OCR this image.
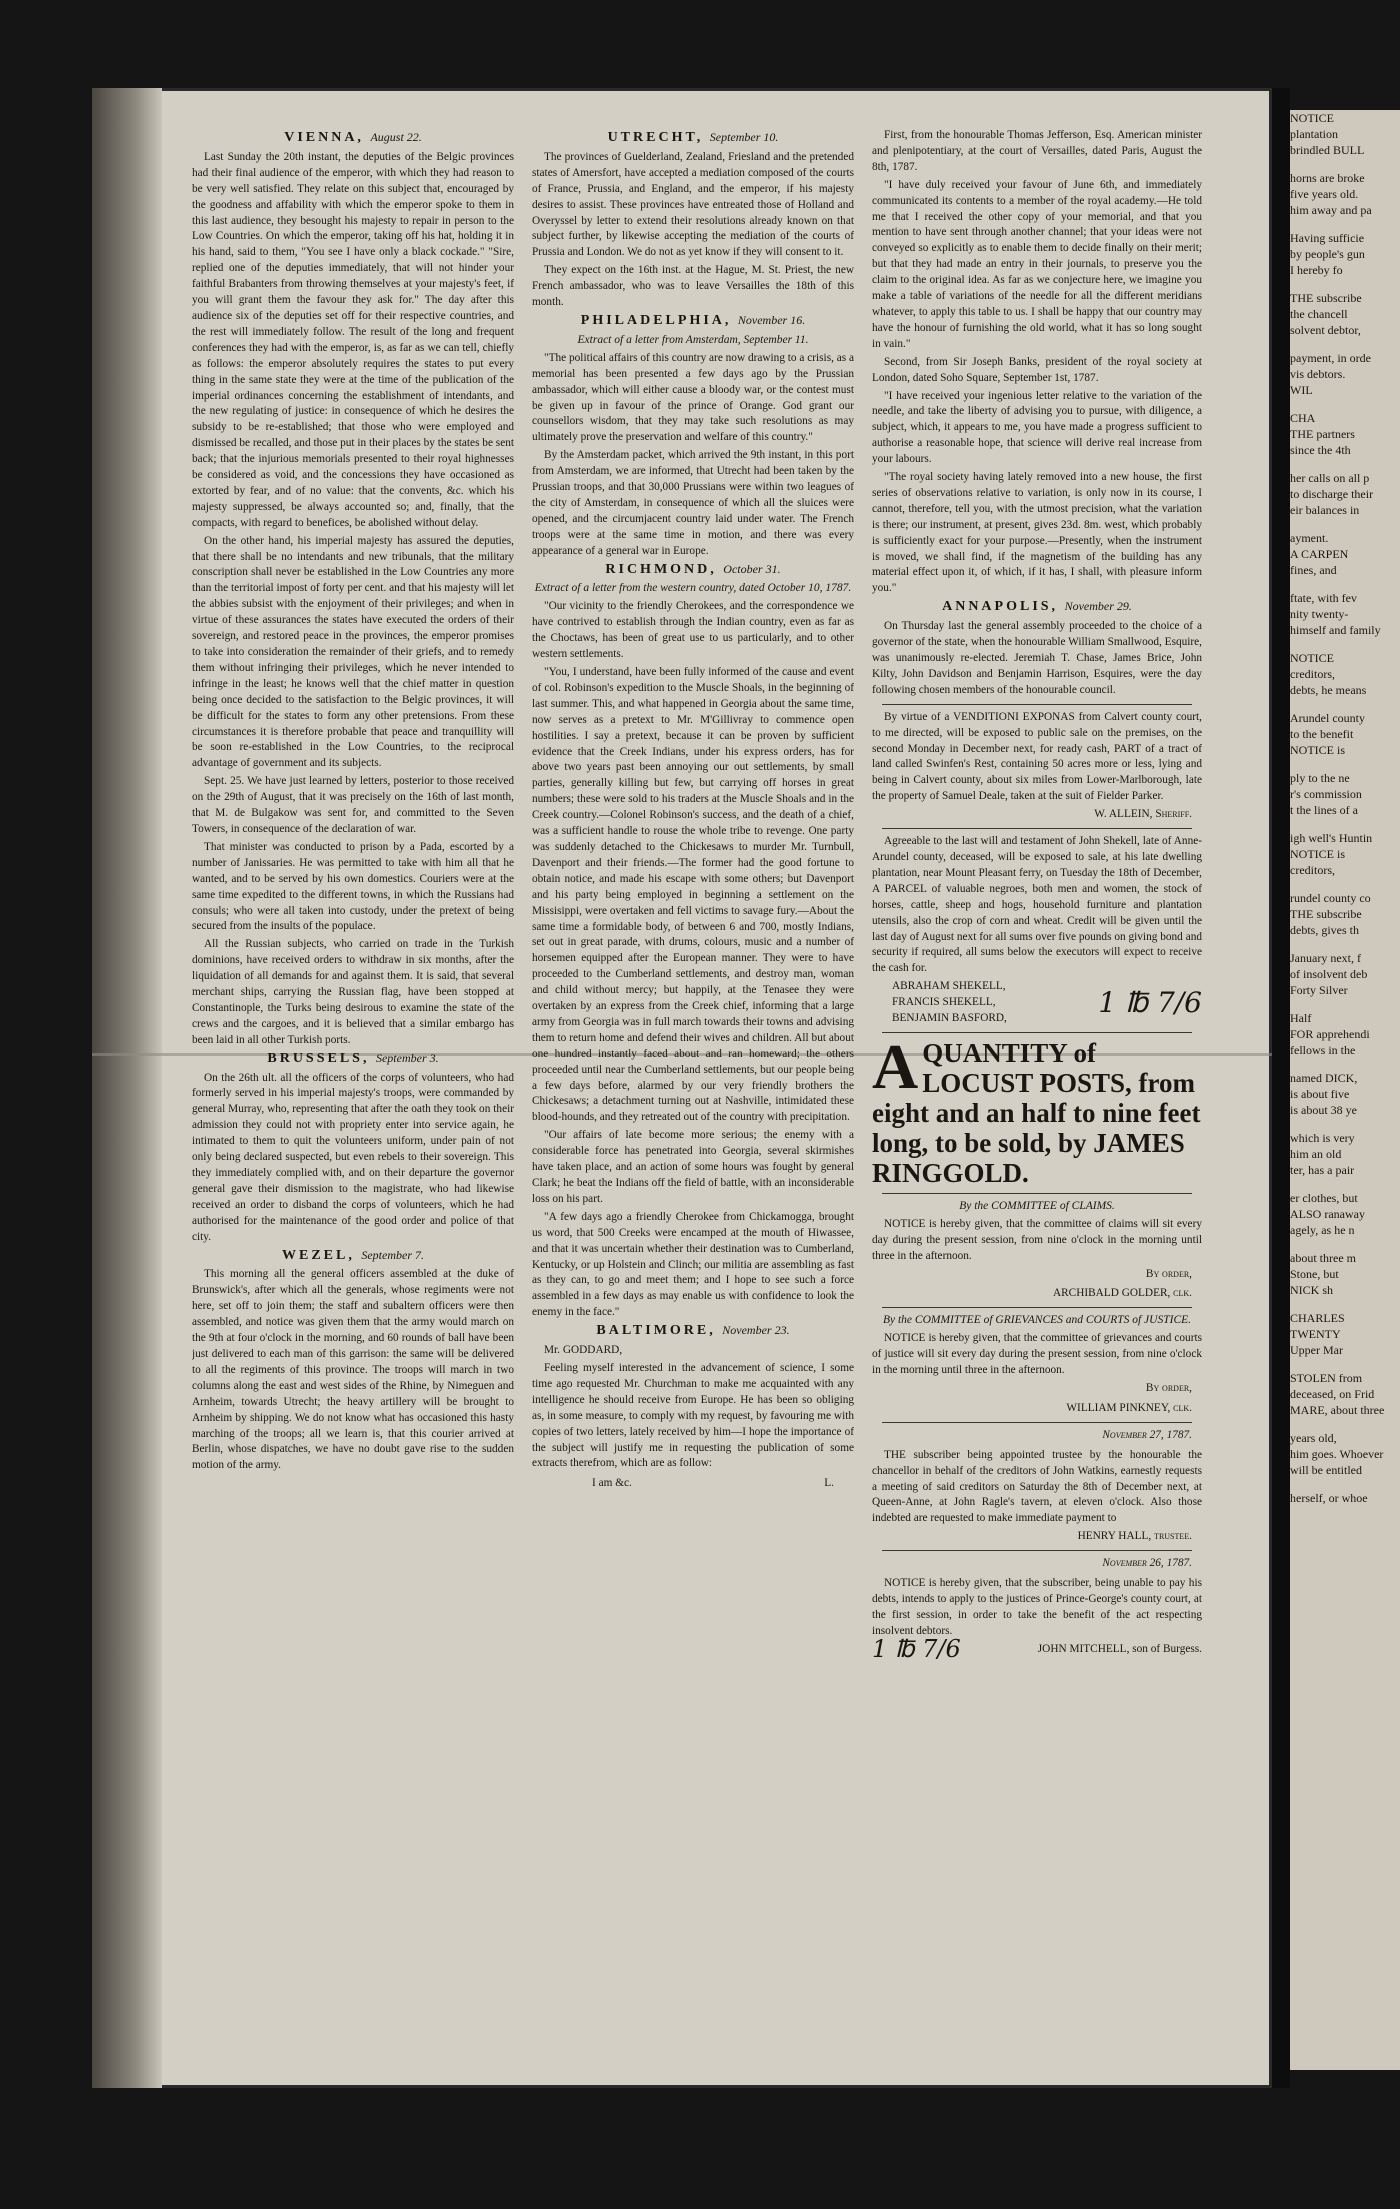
VIENNA, August 22.

Last Sunday the 20th instant, the deputies of the Belgic provinces had their final audience of the emperor, with which they had reason to be very well satisfied. They relate on this subject that, encouraged by the goodness and affability with which the emperor spoke to them in this last audience, they besought his majesty to repair in person to the Low Countries. On which the emperor, taking off his hat, holding it in his hand, said to them, "You see I have only a black cockade." "Sire, replied one of the deputies immediately, that will not hinder your faithful Brabanters from throwing themselves at your majesty's feet, if you will grant them the favour they ask for." The day after this audience six of the deputies set off for their respective countries, and the rest will immediately follow. The result of the long and frequent conferences they had with the emperor, is, as far as we can tell, chiefly as follows: the emperor absolutely requires the states to put every thing in the same state they were at the time of the publication of the imperial ordinances concerning the establishment of intendants, and the new regulating of justice: in consequence of which he desires the subsidy to be re-established; that those who were employed and dismissed be recalled, and those put in their places by the states be sent back; that the injurious memorials presented to their royal highnesses be considered as void, and the concessions they have occasioned as extorted by fear, and of no value: that the convents, &c. which his majesty suppressed, be always accounted so; and, finally, that the compacts, with regard to benefices, be abolished without delay.

On the other hand, his imperial majesty has assured the deputies, that there shall be no intendants and new tribunals, that the military conscription shall never be established in the Low Countries any more than the territorial impost of forty per cent. and that his majesty will let the abbies subsist with the enjoyment of their privileges; and when in virtue of these assurances the states have executed the orders of their sovereign, and restored peace in the provinces, the emperor promises to take into consideration the remainder of their griefs, and to remedy them without infringing their privileges, which he never intended to infringe in the least; he knows well that the chief matter in question being once decided to the satisfaction to the Belgic provinces, it will be difficult for the states to form any other pretensions. From these circumstances it is therefore probable that peace and tranquillity will be soon re-established in the Low Countries, to the reciprocal advantage of government and its subjects.

Sept. 25. We have just learned by letters, posterior to those received on the 29th of August, that it was precisely on the 16th of last month, that M. de Bulgakow was sent for, and committed to the Seven Towers, in consequence of the declaration of war.

That minister was conducted to prison by a Pada, escorted by a number of Janissaries. He was permitted to take with him all that he wanted, and to be served by his own domestics. Couriers were at the same time expedited to the different towns, in which the Russians had consuls; who were all taken into custody, under the pretext of being secured from the insults of the populace.

All the Russian subjects, who carried on trade in the Turkish dominions, have received orders to withdraw in six months, after the liquidation of all demands for and against them. It is said, that several merchant ships, carrying the Russian flag, have been stopped at Constantinople, the Turks being desirous to examine the state of the crews and the cargoes, and it is believed that a similar embargo has been laid in all other Turkish ports.

BRUSSELS, September 3.

On the 26th ult. all the officers of the corps of volunteers, who had formerly served in his imperial majesty's troops, were commanded by general Murray, who, representing that after the oath they took on their admission they could not with propriety enter into service again, he intimated to them to quit the volunteers uniform, under pain of not only being declared suspected, but even rebels to their sovereign. This they immediately complied with, and on their departure the governor general gave their dismission to the magistrate, who had likewise received an order to disband the corps of volunteers, which he had authorised for the maintenance of the good order and police of that city.

WEZEL, September 7.

This morning all the general officers assembled at the duke of Brunswick's, after which all the generals, whose regiments were not here, set off to join them; the staff and subaltern officers were then assembled, and notice was given them that the army would march on the 9th at four o'clock in the morning, and 60 rounds of ball have been just delivered to each man of this garrison: the same will be delivered to all the regiments of this province. The troops will march in two columns along the east and west sides of the Rhine, by Nimeguen and Arnheim, towards Utrecht; the heavy artillery will be brought to Arnheim by shipping. We do not know what has occasioned this hasty marching of the troops; all we learn is, that this courier arrived at Berlin, whose dispatches, we have no doubt gave rise to the sudden motion of the army.

UTRECHT, September 10.

The provinces of Guelderland, Zealand, Friesland and the pretended states of Amersfort, have accepted a mediation composed of the courts of France, Prussia, and England, and the emperor, if his majesty desires to assist. These provinces have entreated those of Holland and Overyssel by letter to extend their resolutions already known on that subject further, by likewise accepting the mediation of the courts of Prussia and London. We do not as yet know if they will consent to it.

They expect on the 16th inst. at the Hague, M. St. Priest, the new French ambassador, who was to leave Versailles the 18th of this month.

PHILADELPHIA, November 16.
Extract of a letter from Amsterdam, September 11.

"The political affairs of this country are now drawing to a crisis, as a memorial has been presented a few days ago by the Prussian ambassador, which will either cause a bloody war, or the contest must be given up in favour of the prince of Orange. God grant our counsellors wisdom, that they may take such resolutions as may ultimately prove the preservation and welfare of this country."

By the Amsterdam packet, which arrived the 9th instant, in this port from Amsterdam, we are informed, that Utrecht had been taken by the Prussian troops, and that 30,000 Prussians were within two leagues of the city of Amsterdam, in consequence of which all the sluices were opened, and the circumjacent country laid under water. The French troops were at the same time in motion, and there was every appearance of a general war in Europe.

RICHMOND, October 31.
Extract of a letter from the western country, dated October 10, 1787.

"Our vicinity to the friendly Cherokees, and the correspondence we have contrived to establish through the Indian country, even as far as the Choctaws, has been of great use to us particularly, and to other western settlements.

"You, I understand, have been fully informed of the cause and event of col. Robinson's expedition to the Muscle Shoals, in the beginning of last summer. This, and what happened in Georgia about the same time, now serves as a pretext to Mr. M'Gillivray to commence open hostilities. I say a pretext, because it can be proven by sufficient evidence that the Creek Indians, under his express orders, has for above two years past been annoying our out settlements, by small parties, generally killing but few, but carrying off horses in great numbers; these were sold to his traders at the Muscle Shoals and in the Creek country.—Colonel Robinson's success, and the death of a chief, was a sufficient handle to rouse the whole tribe to revenge. One party was suddenly detached to the Chickesaws to murder Mr. Turnbull, Davenport and their friends.—The former had the good fortune to obtain notice, and made his escape with some others; but Davenport and his party being employed in beginning a settlement on the Missisippi, were overtaken and fell victims to savage fury.—About the same time a formidable body, of between 6 and 700, mostly Indians, set out in great parade, with drums, colours, music and a number of horsemen equipped after the European manner. They were to have proceeded to the Cumberland settlements, and destroy man, woman and child without mercy; but happily, at the Tenasee they were overtaken by an express from the Creek chief, informing that a large army from Georgia was in full march towards their towns and advising them to return home and defend their wives and children. All but about one hundred instantly faced about and ran homeward; the others proceeded until near the Cumberland settlements, but our people being a few days before, alarmed by our very friendly brothers the Chickesaws; a detachment turning out at Nashville, intimidated these blood-hounds, and they retreated out of the country with precipitation.

"Our affairs of late become more serious; the enemy with a considerable force has penetrated into Georgia, several skirmishes have taken place, and an action of some hours was fought by general Clark; he beat the Indians off the field of battle, with an inconsiderable loss on his part.

"A few days ago a friendly Cherokee from Chickamogga, brought us word, that 500 Creeks were encamped at the mouth of Hiwassee, and that it was uncertain whether their destination was to Cumberland, Kentucky, or up Holstein and Clinch; our militia are assembling as fast as they can, to go and meet them; and I hope to see such a force assembled in a few days as may enable us with confidence to look the enemy in the face."

BALTIMORE, November 23.

Mr. GODDARD,

Feeling myself interested in the advancement of science, I some time ago requested Mr. Churchman to make me acquainted with any intelligence he should receive from Europe. He has been so obliging as, in some measure, to comply with my request, by favouring me with copies of two letters, lately received by him—I hope the importance of the subject will justify me in requesting the publication of some extracts therefrom, which are as follow:

I am &c.	L.

First, from the honourable Thomas Jefferson, Esq. American minister and plenipotentiary, at the court of Versailles, dated Paris, August the 8th, 1787.

"I have duly received your favour of June 6th, and immediately communicated its contents to a member of the royal academy.—He told me that I received the other copy of your memorial, and that you mention to have sent through another channel; that your ideas were not conveyed so explicitly as to enable them to decide finally on their merit; but that they had made an entry in their journals, to preserve you the claim to the original idea. As far as we conjecture here, we imagine you make a table of variations of the needle for all the different meridians whatever, to apply this table to us. I shall be happy that our country may have the honour of furnishing the old world, what it has so long sought in vain."

Second, from Sir Joseph Banks, president of the royal society at London, dated Soho Square, September 1st, 1787.

"I have received your ingenious letter relative to the variation of the needle, and take the liberty of advising you to pursue, with diligence, a subject, which, it appears to me, you have made a progress sufficient to authorise a reasonable hope, that science will derive real increase from your labours.

"The royal society having lately removed into a new house, the first series of observations relative to variation, is only now in its course, I cannot, therefore, tell you, with the utmost precision, what the variation is there; our instrument, at present, gives 23d. 8m. west, which probably is sufficiently exact for your purpose.—Presently, when the instrument is moved, we shall find, if the magnetism of the building has any material effect upon it, of which, if it has, I shall, with pleasure inform you."

ANNAPOLIS, November 29.

On Thursday last the general assembly proceeded to the choice of a governor of the state, when the honourable William Smallwood, Esquire, was unanimously re-elected. Jeremiah T. Chase, James Brice, John Kilty, John Davidson and Benjamin Harrison, Esquires, were the day following chosen members of the honourable council.

By virtue of a VENDITIONI EXPONAS from Calvert county court, to me directed, will be exposed to public sale on the premises, on the second Monday in December next, for ready cash, PART of a tract of land called Swinfen's Rest, containing 50 acres more or less, lying and being in Calvert county, about six miles from Lower-Marlborough, late the property of Samuel Deale, taken at the suit of Fielder Parker.

W. ALLEIN, Sheriff.

Agreeable to the last will and testament of John Shekell, late of Anne-Arundel county, deceased, will be exposed to sale, at his late dwelling plantation, near Mount Pleasant ferry, on Tuesday the 18th of December, A PARCEL of valuable negroes, both men and women, the stock of horses, cattle, sheep and hogs, household furniture and plantation utensils, also the crop of corn and wheat. Credit will be given until the last day of August next for all sums over five pounds on giving bond and security if required, all sums below the executors will expect to receive the cash for.

ABRAHAM SHEKELL,
FRANCIS SHEKELL,
BENJAMIN BASFORD,	1 ℔ 7/6
AQUANTITY of LOCUST POSTS, from eight and an half to nine feet long, to be sold, by JAMES RINGGOLD.
By the COMMITTEE of CLAIMS.

NOTICE is hereby given, that the committee of claims will sit every day during the present session, from nine o'clock in the morning until three in the afternoon.

By order,
ARCHIBALD GOLDER, clk.
By the COMMITTEE of GRIEVANCES and COURTS of JUSTICE.

NOTICE is hereby given, that the committee of grievances and courts of justice will sit every day during the present session, from nine o'clock in the morning until three in the afternoon.

By order,
WILLIAM PINKNEY, clk.
November 27, 1787.

THE subscriber being appointed trustee by the honourable the chancellor in behalf of the creditors of John Watkins, earnestly requests a meeting of said creditors on Saturday the 8th of December next, at Queen-Anne, at John Ragle's tavern, at eleven o'clock. Also those indebted are requested to make immediate payment to

HENRY HALL, trustee.
November 26, 1787.

NOTICE is hereby given, that the subscriber, being unable to pay his debts, intends to apply to the justices of Prince-George's county court, at the first session, in order to take the benefit of the act respecting insolvent debtors.

1 ℔ 7/6	JOHN MITCHELL, son of Burgess.
NOTICE
plantation
brindled BULL
horns are broke
five years old.
him away and pa
Having sufficie
by people's gun
I hereby fo
THE subscribe
the chancell
solvent debtor,
payment, in orde
vis debtors.
WIL
CHA
THE partners
since the 4th
her calls on all p
to discharge their
eir balances in
ayment.
A CARPEN
fines, and
ftate, with fev
nity twenty-
himself and family
NOTICE
creditors,
debts, he means
Arundel county
to the benefit
NOTICE is
ply to the ne
r's commission
t the lines of a
igh well's Huntin
NOTICE is
creditors,
rundel county co
THE subscribe
debts, gives th
January next, f
of insolvent deb
Forty Silver
Half
FOR apprehendi
fellows in the
named DICK,
is about five
is about 38 ye
which is very
him an old
ter, has a pair
er clothes, but
ALSO ranaway
agely, as he n
about three m
Stone, but
NICK sh
CHARLES
TWENTY
Upper Mar
STOLEN from
deceased, on Frid
MARE, about three
years old,
him goes. Whoever
will be entitled
herself, or whoe
